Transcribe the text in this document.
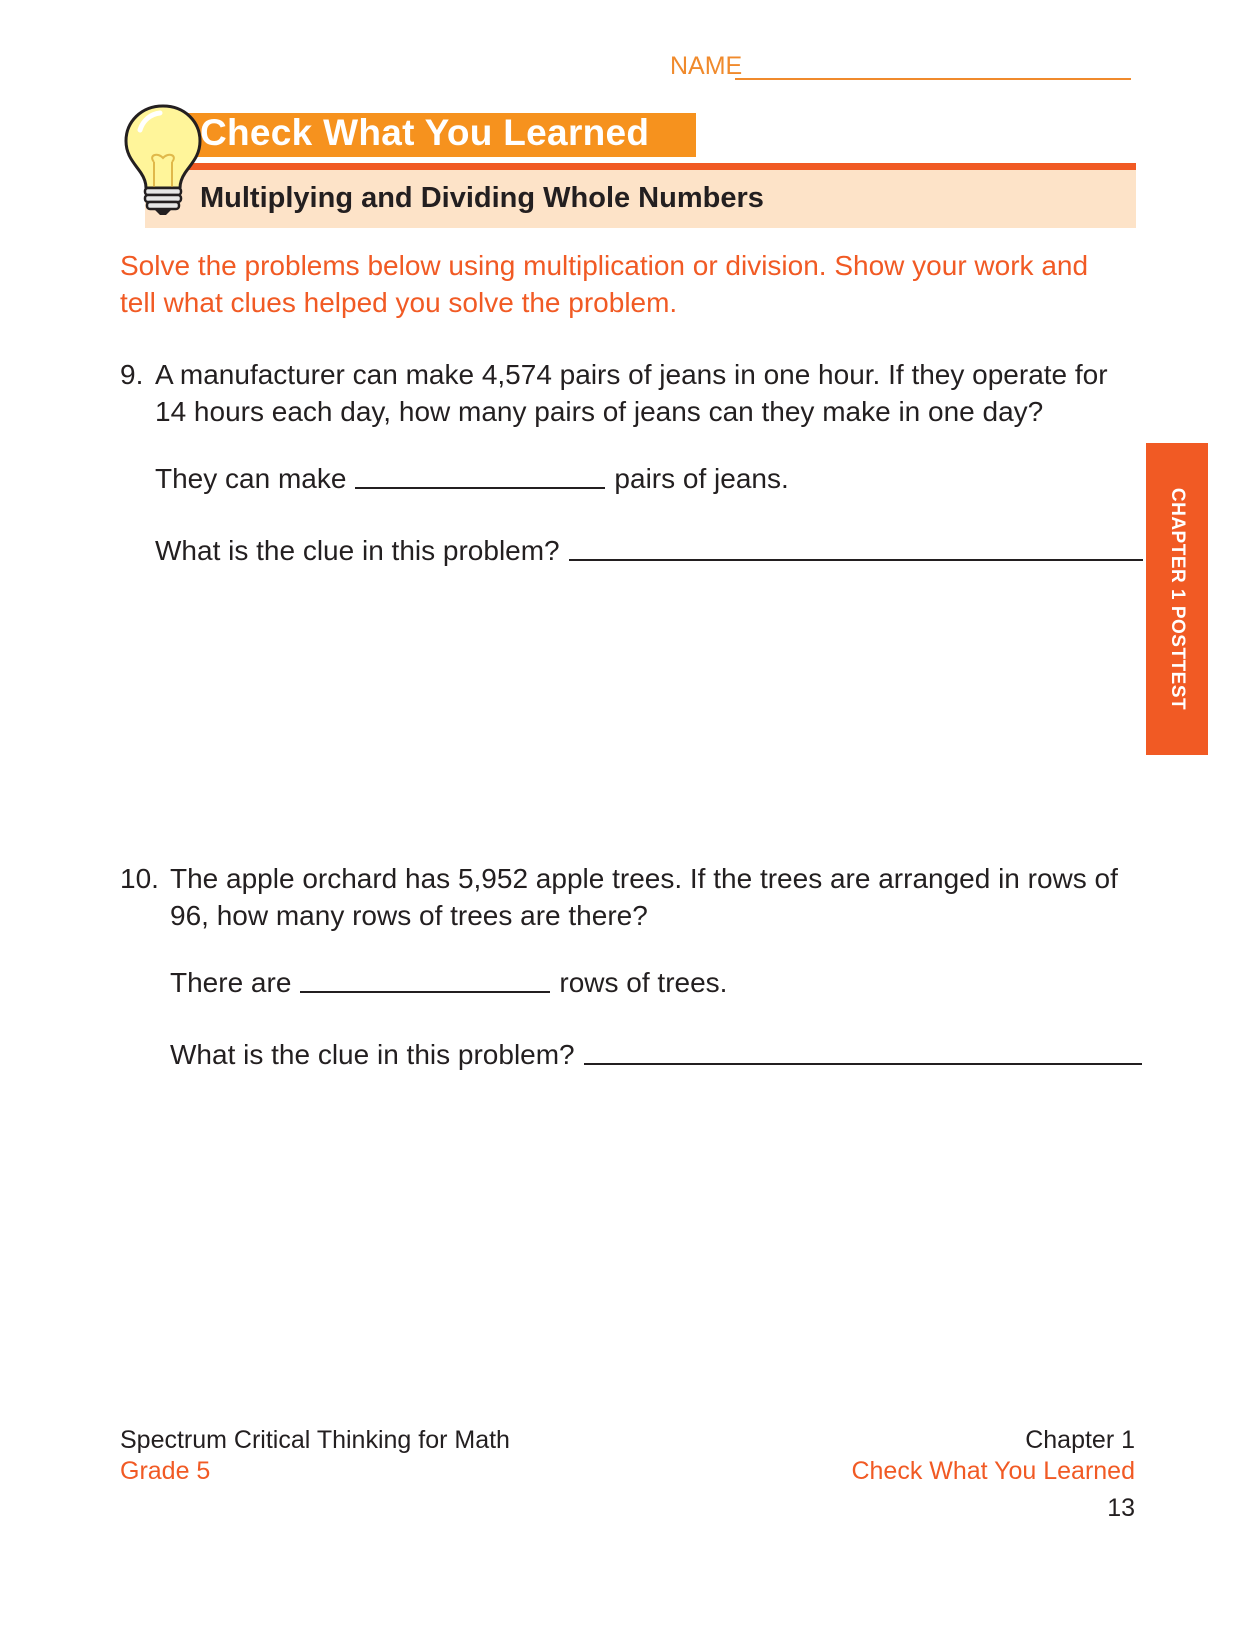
NAME
Check What You Learned
Multiplying and Dividing Whole Numbers
Solve the problems below using multiplication or division. Show your work and tell what clues helped you solve the problem.
9. A manufacturer can make 4,574 pairs of jeans in one hour. If they operate for 14 hours each day, how many pairs of jeans can they make in one day?
They can make	pairs of jeans.
What is the clue in this problem?
10. The apple orchard has 5,952 apple trees. If the trees are arranged in rows of 96, how many rows of trees are there?
There are	rows of trees.
What is the clue in this problem?
CHAPTER 1 POSTTEST
Spectrum Critical Thinking for Math
Grade 5
Chapter 1
Check What You Learned
13
